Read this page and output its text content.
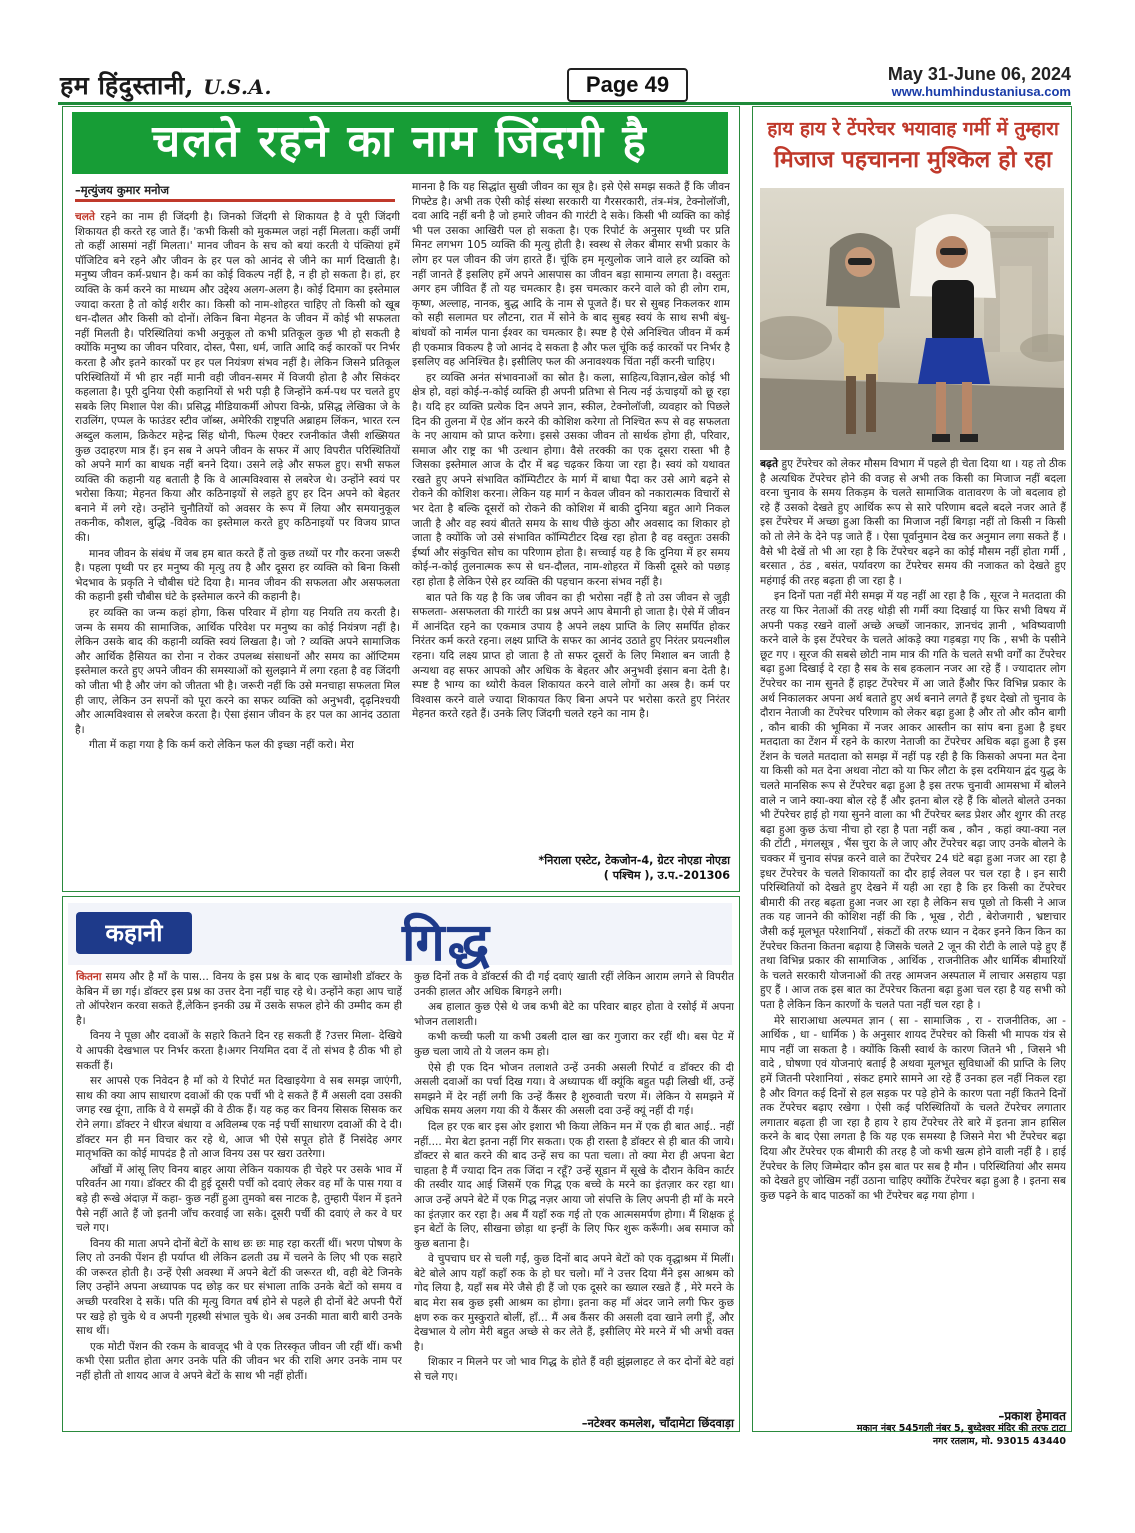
हम हिंदुस्तानी, U.S.A.	Page 49	May 31-June 06, 2024
www.humhindustaniusa.com
चलते रहने का नाम जिंदगी है
–मृत्युंजय कुमार मनोज

चलते रहने का नाम ही जिंदगी है। जिनको जिंदगी से शिकायत है वे पूरी जिंदगी शिकायत ही करते रह जाते हैं। 'कभी किसी को मुकम्मल जहां नहीं मिलता। कहीं जमीं तो कहीं आसमां नहीं मिलता।' मानव जीवन के सच को बयां करती ये पंक्तियां हमें पॉजिटिव बने रहने और जीवन के हर पल को आनंद से जीने का मार्ग दिखाती है। मनुष्य जीवन कर्म-प्रधान है। कर्म का कोई विकल्प नहीं है, न ही हो सकता है। हां, हर व्यक्ति के कर्म करने का माध्यम और उद्देश्य अलग-अलग है। कोई दिमाग का इस्तेमाल ज्यादा करता है तो कोई शरीर का। किसी को नाम-शोहरत चाहिए तो किसी को खूब धन-दौलत और किसी को दोनों। लेकिन बिना मेहनत के जीवन में कोई भी सफलता नहीं मिलती है। परिस्थितियां कभी अनुकूल तो कभी प्रतिकूल कुछ भी हो सकती है क्योंकि मनुष्य का जीवन परिवार, दोस्त, पैसा, धर्म, जाति आदि कई कारकों पर निर्भर करता है और इतने कारकों पर हर पल नियंत्रण संभव नहीं है। लेकिन जिसने प्रतिकूल परिस्थितियों में भी हार नहीं मानी वही जीवन-समर में विजयी होता है और सिकंदर कहलाता है। पूरी दुनिया ऐसी कहानियों से भरी पड़ी है जिन्होंने कर्म-पथ पर चलते हुए सबके लिए मिशाल पेश की। प्रसिद्ध मीडियाकर्मी ओपरा विन्फ्रे, प्रसिद्ध लेखिका जे के राउलिंग, एप्पल के फाउंडर स्टीव जॉब्स, अमेरिकी राष्ट्रपति अब्राहम लिंकन, भारत रत्न अब्दुल कलाम, क्रिकेटर महेन्द्र सिंह धोनी, फिल्म ऐक्टर रजनीकांत जैसी शख्सियत कुछ उदाहरण मात्र हैं। इन सब ने अपने जीवन के सफर में आए विपरीत परिस्थितियों को अपने मार्ग का बाधक नहीं बनने दिया। उसने लड़े और सफल हुए। सभी सफल व्यक्ति की कहानी यह बताती है कि वे आत्मविश्वास से लबरेज थे। उन्होंने स्वयं पर भरोसा किया; मेहनत किया और कठिनाइयों से लड़ते हुए हर दिन अपने को बेहतर बनाने में लगे रहे। उन्होंने चुनौतियों को अवसर के रूप में लिया और समयानुकूल तकनीक, कौशल, बुद्धि -विवेक का इस्तेमाल करते हुए कठिनाइयों पर विजय प्राप्त की।

मानव जीवन के संबंध में जब हम बात करते हैं तो कुछ तथ्यों पर गौर करना जरूरी है। पहला पृथ्वी पर हर मनुष्य की मृत्यु तय है और दूसरा हर व्यक्ति को बिना किसी भेदभाव के प्रकृति ने चौबीस घंटे दिया है। मानव जीवन की सफलता और असफलता की कहानी इसी चौबीस घंटे के इस्तेमाल करने की कहानी है।

हर व्यक्ति का जन्म कहां होगा, किस परिवार में होगा यह नियति तय करती है। जन्म के समय की सामाजिक, आर्थिक परिवेश पर मनुष्य का कोई नियंत्रण नहीं है। लेकिन उसके बाद की कहानी व्यक्ति स्वयं लिखता है। जो ? व्यक्ति अपने सामाजिक और आर्थिक हैसियत का रोना न रोकर उपलब्ध संसाधनों और समय का ऑप्टिमम इस्तेमाल करते हुए अपने जीवन की समस्याओं को सुलझाने में लगा रहता है वह जिंदगी को जीता भी है और जंग को जीतता भी है। जरूरी नहीं कि उसे मनचाहा सफलता मिल ही जाए, लेकिन उन सपनों को पूरा करने का सफर व्यक्ति को अनुभवी, दृढ़निश्चयी और आत्मविश्वास से लबरेज करता है। ऐसा इंसान जीवन के हर पल का आनंद उठाता है।

गीता में कहा गया है कि कर्म करो लेकिन फल की इच्छा नहीं करो। मेरा

मानना है कि यह सिद्धांत सुखी जीवन का सूत्र है। इसे ऐसे समझ सकते हैं कि जीवन गिफ्टेड है। अभी तक ऐसी कोई संस्था सरकारी या गैरसरकारी, तंत्र-मंत्र, टेक्नोलॉजी, दवा आदि नहीं बनी है जो हमारे जीवन की गारंटी दे सके। किसी भी व्यक्ति का कोई भी पल उसका आखिरी पल हो सकता है। एक रिपोर्ट के अनुसार पृथ्वी पर प्रति मिनट लगभग 105 व्यक्ति की मृत्यु होती है। स्वस्थ से लेकर बीमार सभी प्रकार के लोग हर पल जीवन की जंग हारते हैं। चूंकि हम मृत्युलोक जाने वाले हर व्यक्ति को नहीं जानते हैं इसलिए हमें अपने आसपास का जीवन बड़ा सामान्य लगता है। वस्तुतः अगर हम जीवित हैं तो यह चमत्कार है। इस चमत्कार करने वाले को ही लोग राम, कृष्ण, अल्लाह, नानक, बुद्ध आदि के नाम से पूजते हैं। घर से सुबह निकलकर शाम को सही सलामत घर लौटना, रात में सोने के बाद सुबह स्वयं के साथ सभी बंधु- बांधवों को नार्मल पाना ईश्वर का चमत्कार है। स्पष्ट है ऐसे अनिश्चित जीवन में कर्म ही एकमात्र विकल्प है जो आनंद दे सकता है और फल चूंकि कई कारकों पर निर्भर है इसलिए वह अनिश्चित है। इसीलिए फल की अनावश्यक चिंता नहीं करनी चाहिए।

हर व्यक्ति अनंत संभावनाओं का स्रोत है। कला, साहित्य,विज्ञान,खेल कोई भी क्षेत्र हो, वहां कोई-न-कोई व्यक्ति ही अपनी प्रतिभा से नित्य नई ऊंचाइयों को छू रहा है। यदि हर व्यक्ति प्रत्येक दिन अपने ज्ञान, स्कील, टेक्नोलॉजी, व्यवहार को पिछले दिन की तुलना में ऐड ऑन करने की कोशिश करेगा तो निश्चित रूप से वह सफलता के नए आयाम को प्राप्त करेगा। इससे उसका जीवन तो सार्थक होगा ही, परिवार, समाज और राष्ट्र का भी उत्थान होगा। वैसे तरक्की का एक दूसरा रास्ता भी है जिसका इस्तेमाल आज के दौर में बढ़ चढ़कर किया जा रहा है। स्वयं को यथावत रखते हुए अपने संभावित कॉम्पिटीटर के मार्ग में बाधा पैदा कर उसे आगे बढ़ने से रोकने की कोशिश करना। लेकिन यह मार्ग न केवल जीवन को नकारात्मक विचारों से भर देता है बल्कि दूसरों को रोकने की कोशिश में बाकी दुनिया बहुत आगे निकल जाती है और वह स्वयं बीतते समय के साथ पीछे कुंठा और अवसाद का शिकार हो जाता है क्योंकि जो उसे संभावित कॉम्पिटीटर दिख रहा होता है वह वस्तुतः उसकी ईर्ष्या और संकुचित सोच का परिणाम होता है। सच्चाई यह है कि दुनिया में हर समय कोई-न-कोई तुलनात्मक रूप से धन-दौलत, नाम-शोहरत में किसी दूसरे को पछाड़ रहा होता है लेकिन ऐसे हर व्यक्ति की पहचान करना संभव नहीं है।

बात पते कि यह है कि जब जीवन का ही भरोसा नहीं है तो उस जीवन से जुड़ी सफलता- असफलता की गारंटी का प्रश्न अपने आप बेमानी हो जाता है। ऐसे में जीवन में आनंदित रहने का एकमात्र उपाय है अपने लक्ष्य प्राप्ति के लिए समर्पित होकर निरंतर कर्म करते रहना। लक्ष्य प्राप्ति के सफर का आनंद उठाते हुए निरंतर प्रयत्नशील रहना। यदि लक्ष्य प्राप्त हो जाता है तो सफर दूसरों के लिए मिशाल बन जाती है अन्यथा वह सफर आपको और अधिक के बेहतर और अनुभवी इंसान बना देती है। स्पष्ट है भाग्य का थ्योरी केवल शिकायत करने वाले लोगों का अस्त्र है। कर्म पर विश्वास करने वाले ज्यादा शिकायत किए बिना अपने पर भरोसा करते हुए निरंतर मेहनत करते रहते हैं। उनके लिए जिंदगी चलते रहने का नाम है।

*निराला एस्टेट, टेकजोन-4, ग्रेटर नोएडा नोएडा
( पश्चिम ), उ.प.-201306
हाय हाय रे टेंपरेचर भयावाह गर्मी में तुम्हारा
मिजाज पहचानना मुश्किल हो रहा

बढ़ते हुए टेंपरेचर को लेकर मौसम विभाग में पहले ही चेता दिया था । यह तो ठीक है अत्यधिक टेंपरेचर होने की वजह से अभी तक किसी का मिजाज नहीं बदला वरना चुनाव के समय तिकड़म के चलते सामाजिक वातावरण के जो बदलाव हो रहे हैं उसको देखते हुए आर्थिक रूप से सारे परिणाम बदले बदले नजर आते हैं इस टेंपरेचर में अच्छा हुआ किसी का मिजाज नहीं बिगड़ा नहीं तो किसी न किसी को तो लेने के देने पड़ जाते हैं । ऐसा पूर्वानुमान देख कर अनुमान लगा सकते हैं । वैसे भी देखें तो भी आ रहा है कि टेंपरेचर बढ़ने का कोई मौसम नहीं होता गर्मी , बरसात , ठंड , बसंत, पर्यावरण का टेंपरेचर समय की नजाकत को देखते हुए महंगाई की तरह बढ़ता ही जा रहा है ।

इन दिनों पता नहीं मेरी समझ में यह नहीं आ रहा है कि , सूरज ने मतदाता की तरह या फिर नेताओं की तरह थोड़ी सी गर्मी क्या दिखाई या फिर सभी विषय में अपनी पकड़ रखने वालों अच्छे अच्छों जानकार, ज्ञानचंद ज्ञानी , भविष्यवाणी करने वाले के इस टेंपरेचर के चलते आंकड़े क्या गड़बड़ा गए कि , सभी के पसीने छूट गए । सूरज की सबसे छोटी नाम मात्र की गति के चलते सभी वर्गों का टेंपरेचर बढ़ा हुआ दिखाई दे रहा है सब के सब हकलान नजर आ रहे हैं । ज्यादातर लोग टेंपरेचर का नाम सुनते हैं हाइट टेंपरेचर में आ जाते हैंऔर फिर विभिन्न प्रकार के अर्थ निकालकर अपना अर्थ बताते हुए अर्थ बनाने लगते हैं इधर देखो तो चुनाव के दौरान नेताजी का टेंपरेचर परिणाम को लेकर बढ़ा हुआ है और तो और कौन बागी , कौन बाकी की भूमिका में नजर आकर आस्तीन का सांप बना हुआ है इधर मतदाता का टेंशन में रहने के कारण नेताजी का टेंपरेचर अधिक बढ़ा हुआ है इस टेंशन के चलते मतदाता को समझ में नहीं पड़ रही है कि किसको अपना मत देना या किसी को मत देना अथवा नोटा को या फिर लौटा के इस दरमियान द्वंद युद्ध के चलते मानसिक रूप से टेंपरेचर बढ़ा हुआ है इस तरफ चुनावी आमसभा में बोलने वाले न जाने क्या-क्या बोल रहे हैं और इतना बोल रहे हैं कि बोलते बोलते उनका भी टेंपरेचर हाई हो गया सुनने वाला का भी टेंपरेचर ब्लड प्रेशर और शुगर की तरह बढ़ा हुआ कुछ ऊंचा नीचा हो रहा है पता नहीं कब , कौन , कहां क्या-क्या नल की टोंटी , मंगलसूत्र , भैंस चुरा के ले जाए और टेंपरेचर बढ़ा जाए उनके बोलने के चक्कर में चुनाव संपन्न करने वाले का टेंपरेचर 24 घंटे बढ़ा हुआ नजर आ रहा है इधर टेंपरेचर के चलते शिकायतों का दौर हाई लेवल पर चल रहा है । इन सारी परिस्थितियों को देखते हुए देखने में यही आ रहा है कि हर किसी का टेंपरेचर बीमारी की तरह बढ़ता हुआ नजर आ रहा है लेकिन सच पूछो तो किसी ने आज तक यह जानने की कोशिश नहीं की कि , भूख , रोटी , बेरोजगारी , भ्रष्टाचार जैसी कई मूलभूत परेशानियाँ , संकटों की तरफ ध्यान न देकर इनने किन किन का टेंपरेचर कितना कितना बढ़ाया है जिसके चलते 2 जून की रोटी के लाले पड़े हुए हैं तथा विभिन्न प्रकार की सामाजिक , आर्थिक , राजनीतिक और धार्मिक बीमारियों के चलते सरकारी योजनाओं की तरह आमजन अस्पताल में लाचार असहाय पड़ा हुए हैं । आज तक इस बात का टेंपरेचर कितना बढ़ा हुआ चल रहा है यह सभी को पता है लेकिन किन कारणों के चलते पता नहीं चल रहा है ।

मेरे साराआधा अल्पमत ज्ञान ( सा - सामाजिक , रा - राजनीतिक, आ - आर्थिक , धा - धार्मिक ) के अनुसार शायद टेंपरेचर को किसी भी मापक यंत्र से माप नहीं जा सकता है । क्योंकि किसी स्वार्थ के कारण जितने भी , जिसने भी वादे , घोषणा एवं योजनाएं बताई है अथवा मूलभूत सुविधाओं की प्राप्ति के लिए हमें जितनी परेशानियां , संकट हमारे सामने आ रहे हैं उनका हल नहीं निकल रहा है और विगत कई दिनों से हल सड़क पर पड़े होने के कारण पता नहीं कितने दिनों तक टेंपरेचर बढ़ाए रखेगा । ऐसी कई परिस्थितियों के चलते टेंपरेचर लगातार लगातार बढ़ता ही जा रहा है हाय रे हाय टेंपरेचर तेरे बारे में इतना ज्ञान हासिल करने के बाद ऐसा लगता है कि यह एक समस्या है जिसने मेरा भी टेंपरेचर बढ़ा दिया और टेंपरेचर एक बीमारी की तरह है जो कभी खत्म होने वाली नहीं है । हाई टेंपरेचर के लिए जिम्मेदार कौन इस बात पर सब है मौन । परिस्थितियां और समय को देखते हुए जोखिम नहीं उठाना चाहिए क्योंकि टेंपरेचर बढ़ा हुआ है । इतना सब कुछ पढ़ने के बाद पाठकों का भी टेंपरेचर बढ़ गया होगा ।

–प्रकाश हेमावत
मकान नंबर 545गली नंबर 5, बुध्देश्वर मंदिर की तरफ टाटा
नगर रतलाम, मो. 93015 43440
कहानी	गिद्ध

कितना समय और है माँ के पास... विनय के इस प्रश्न के बाद एक खामोशी डॉक्टर के केबिन में छा गई। डॉक्टर इस प्रश्न का उत्तर देना नहीं चाह रहे थे। उन्होंने कहा आप चाहें तो ऑपरेशन करवा सकते हैं,लेकिन इनकी उम्र में उसके सफल होने की उम्मीद कम ही है।

विनय ने पूछा और दवाओं के सहारे कितने दिन रह सकती हैं ?उत्तर मिला- देखिये ये आपकी देखभाल पर निर्भर करता है।अगर नियमित दवा दें तो संभव है ठीक भी हो सकतीं हैं।

सर आपसे एक निवेदन है माँ को ये रिपोर्ट मत दिखाइयेगा वे सब समझ जाएंगी, साथ की क्या आप साधारण दवाओं की एक पर्ची भी दे सकते हैं मैं असली दवा उसकी जगह रख दूंगा, ताकि वे ये समझें की वे ठीक हैं। यह कह कर विनय सिसक सिसक कर रोने लगा। डॉक्टर ने धीरज बंधाया व अविलम्ब एक नई पर्ची साधारण दवाओं की दे दी। डॉक्टर मन ही मन विचार कर रहे थे, आज भी ऐसे सपूत होते हैं निसंदेह अगर मातृभक्ति का कोई मापदंड है तो आज विनय उस पर खरा उतरेगा।

आँखों में आंसू लिए विनय बाहर आया लेकिन यकायक ही चेहरे पर उसके भाव में परिवर्तन आ गया। डॉक्टर की दी हुई दूसरी पर्ची को दवाएं लेकर वह माँ के पास गया व बड़े ही रूखे अंदाज़ में कहा- कुछ नहीं हुआ तुमको बस नाटक है, तुम्हारी पेंशन में इतने पैसे नहीं आते हैं जो इतनी जाँच करवाई जा सके। दूसरी पर्ची की दवाएं ले कर वे घर चले गए।

विनय की माता अपने दोनों बेटों के साथ छः छः माह रहा करतीं थीं। भरण पोषण के लिए तो उनकी पेंशन ही पर्याप्त थी लेकिन ढलती उम्र में चलने के लिए भी एक सहारे की जरूरत होती है। उन्हें ऐसी अवस्था में अपने बेटों की जरूरत थी, वही बेटे जिनके लिए उन्होंने अपना अध्यापक पद छोड़ कर घर संभाला ताकि उनके बेटों को समय व अच्छी परवरिश दे सकें। पति की मृत्यु विगत वर्ष होने से पहले ही दोनों बेटे अपनी पैरों पर खड़े हो चुके थे व अपनी गृहस्थी संभाल चुके थे। अब उनकी माता बारी बारी उनके साथ थीं।

एक मोटी पेंशन की रकम के बावजूद भी वे एक तिरस्कृत जीवन जी रहीं थीं। कभी कभी ऐसा प्रतीत होता अगर उनके पति की जीवन भर की राशि अगर उनके नाम पर नहीं होती तो शायद आज वे अपने बेटों के साथ भी नहीं होतीं।

कुछ दिनों तक वे डॉक्टर्स की दी गई दवाएं खाती रहीं लेकिन आराम लगने से विपरीत उनकी हालत और अधिक बिगड़ने लगी।

अब हालात कुछ ऐसे थे जब कभी बेटे का परिवार बाहर होता वे रसोई में अपना भोजन तलाशती।

कभी कच्ची फली या कभी उबली दाल खा कर गुजारा कर रहीं थी। बस पेट में कुछ चला जाये तो ये जलन कम हो।

ऐसे ही एक दिन भोजन तलाशते उन्हें उनकी असली रिपोर्ट व डॉक्टर की दी असली दवाओं का पर्चा दिख गया। वे अध्यापक थीं क्यूंकि बहुत पढ़ी लिखी थीं, उन्हें समझने में देर नहीं लगी कि उन्हें कैंसर है शुरुवाती चरण में। लेकिन ये समझने में अधिक समय अलग गया की ये कैंसर की असली दवा उन्हें क्यूं नहीं दी गई।

दिल हर एक बार इस ओर इशारा भी किया लेकिन मन में एक ही बात आई.. नहीं नहीं.... मेरा बेटा इतना नहीं गिर सकता। एक ही रास्ता है डॉक्टर से ही बात की जाये। डॉक्टर से बात करने की बाद उन्हें सच का पता चला। तो क्या मेरा ही अपना बेटा चाहता है मैं ज्यादा दिन तक जिंदा न रहूँ? उन्हें सूडान में सूखे के दौरान केविन कार्टर की तस्वीर याद आई जिसमें एक गिद्ध एक बच्चे के मरने का इंतज़ार कर रहा था। आज उन्हें अपने बेटे में एक गिद्ध नज़र आया जो संपत्ति के लिए अपनी ही माँ के मरने का इंतज़ार कर रहा है। अब मैं यहाँ रुक गई तो एक आत्मसमर्पण होगा। मैं शिक्षक हूं इन बेटों के लिए, सीखना छोड़ा था इन्हीं के लिए फिर शुरू करूँगी। अब समाज को कुछ बताना है।

वे चुपचाप घर से चली गईं, कुछ दिनों बाद अपने बेटों को एक वृद्धाश्रम में मिलीं। बेटे बोले आप यहाँ कहाँ रुक के हो घर चलो। माँ ने उत्तर दिया मैंने इस आश्रम को गोद लिया है, यहाँ सब मेरे जैसे ही हैं जो एक दूसरे का ख्याल रखते हैं , मेरे मरने के बाद मेरा सब कुछ इसी आश्रम का होगा। इतना कह माँ अंदर जाने लगी फिर कुछ क्षण रुक कर मुस्कुराते बोलीं, हाँ... मैं अब कैंसर की असली दवा खाने लगी हूँ, और देखभाल ये लोग मेरी बहुत अच्छे से कर लेते हैं, इसीलिए मेरे मरने में भी अभी वक्त है।

शिकार न मिलने पर जो भाव गिद्ध के होते हैं वही झुंझलाहट ले कर दोनों बेटे वहां से चले गए।

–नटेश्वर कमलेश, चाँदामेटा छिंदवाड़ा
